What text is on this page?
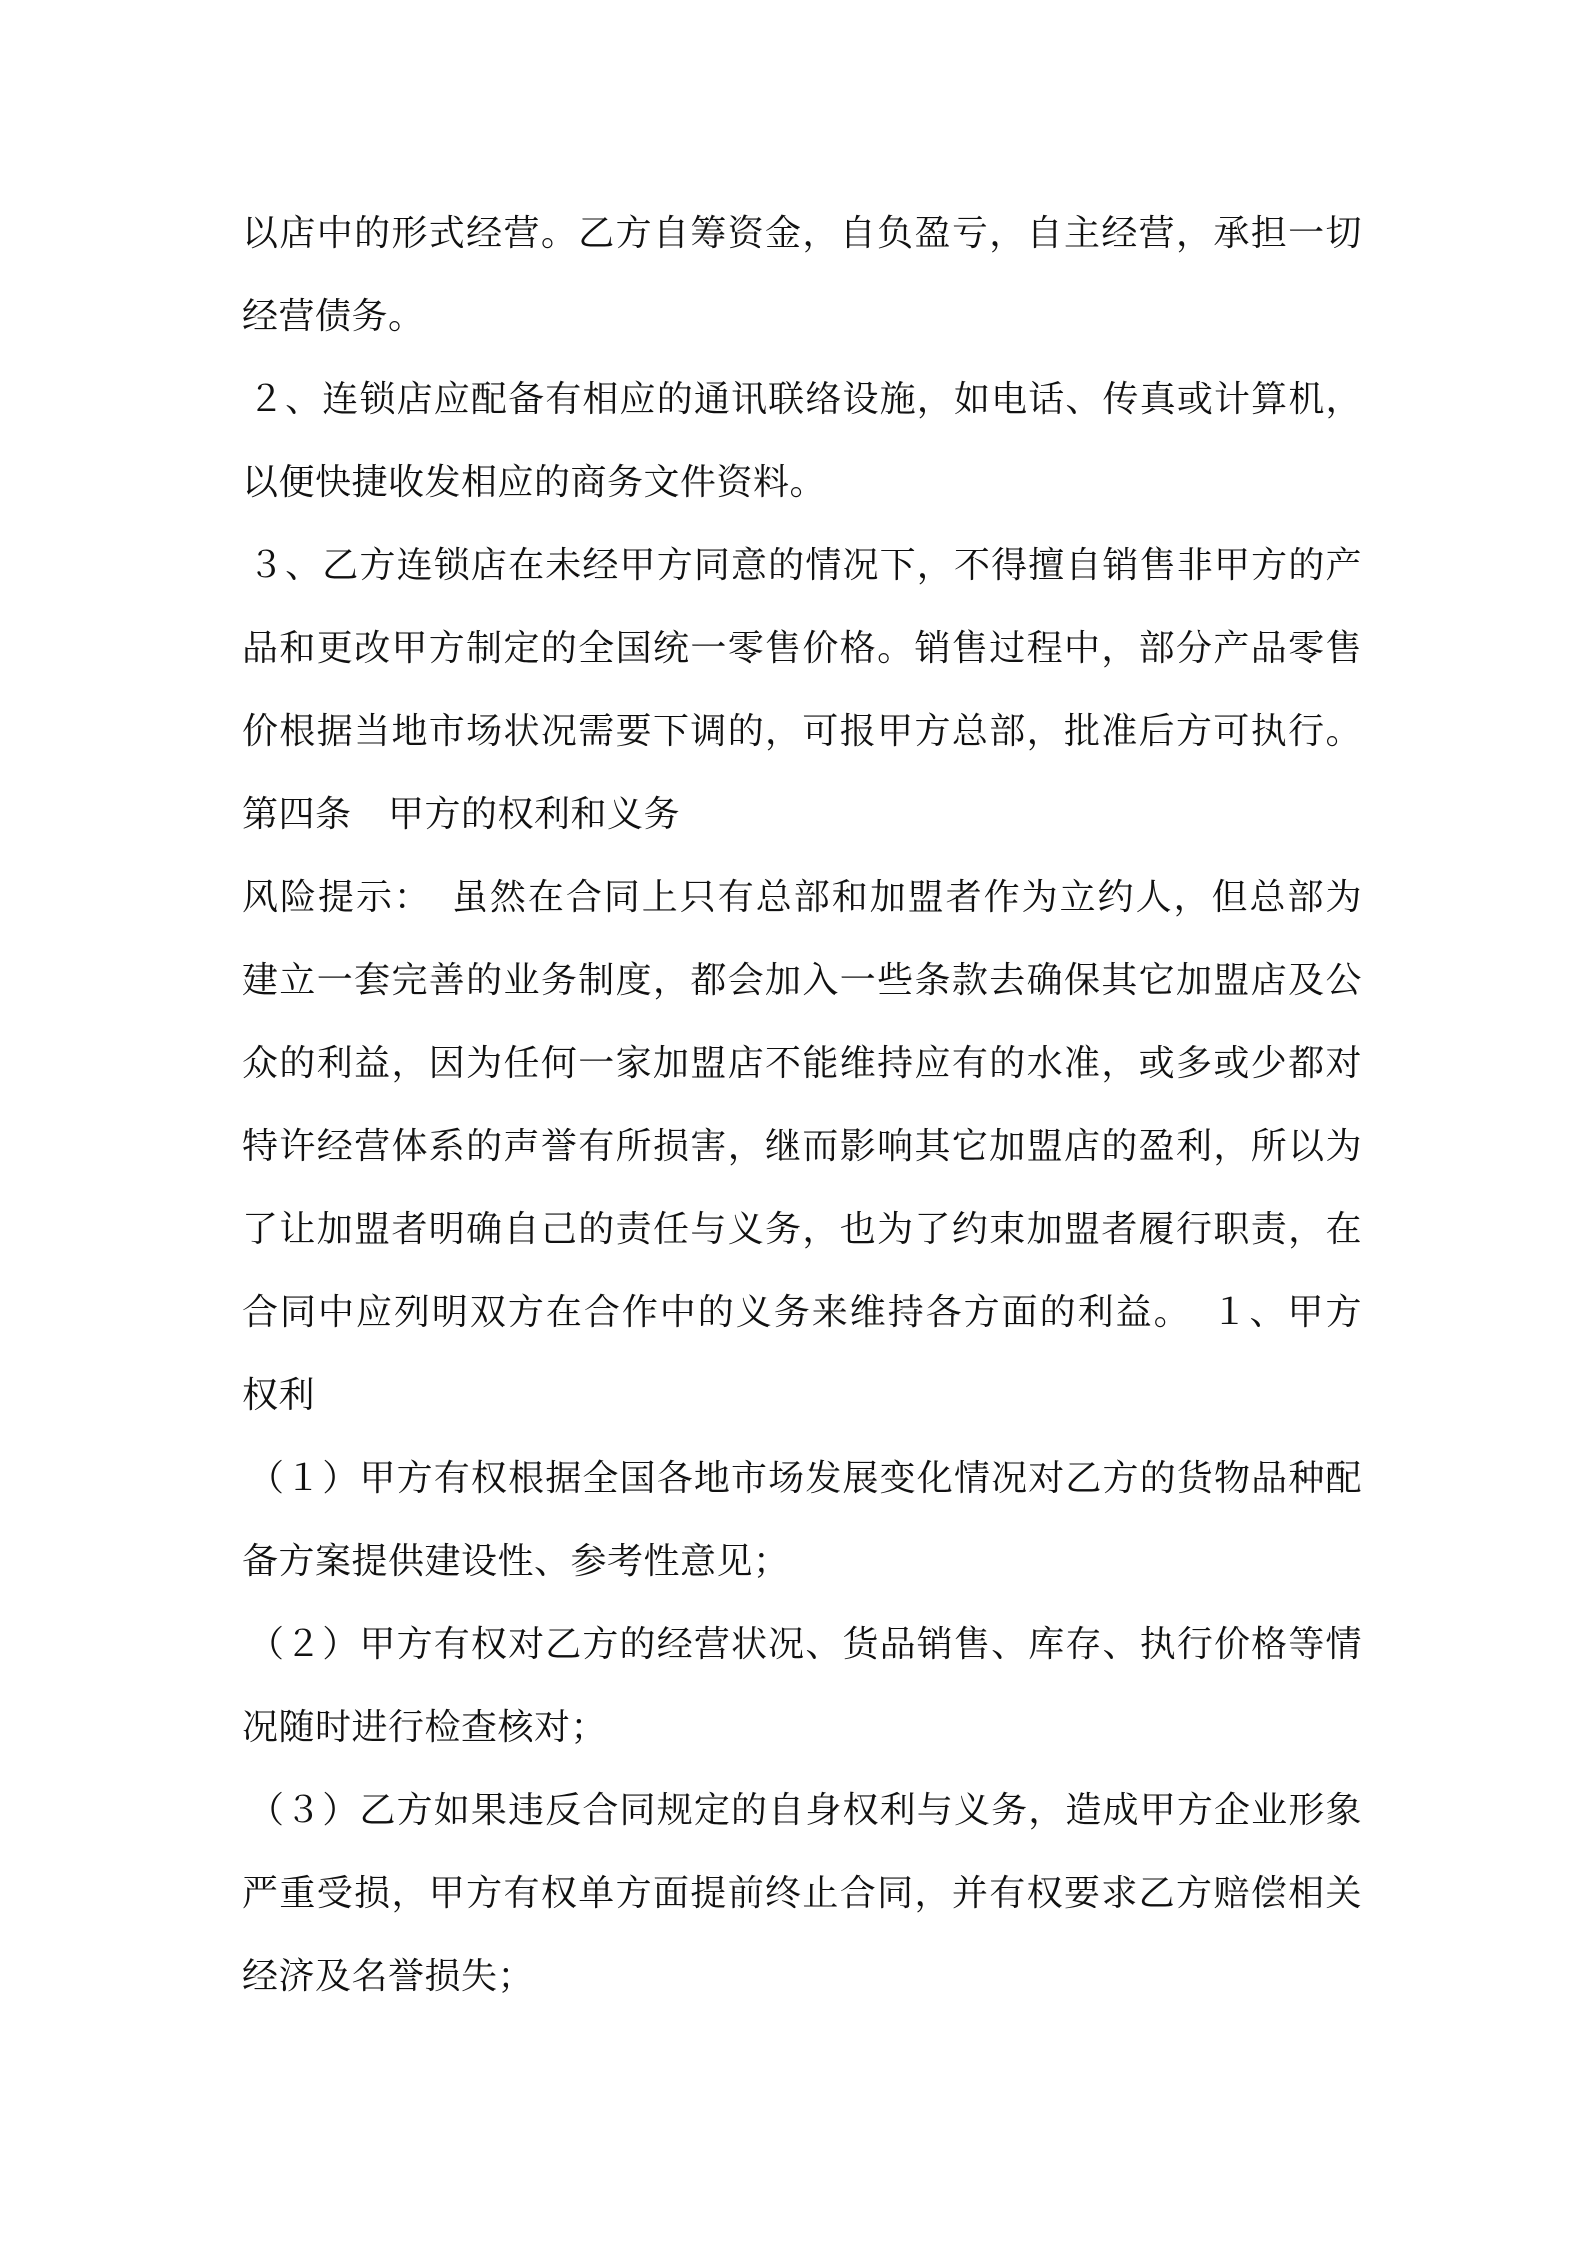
以店中的形式经营。乙方自筹资金，自负盈亏，自主经营，承担一切
经营债务。
２、连锁店应配备有相应的通讯联络设施，如电话、传真或计算机，
以便快捷收发相应的商务文件资料。
３、乙方连锁店在未经甲方同意的情况下，不得擅自销售非甲方的产
品和更改甲方制定的全国统一零售价格。销售过程中，部分产品零售
价根据当地市场状况需要下调的，可报甲方总部，批准后方可执行。
第四条　甲方的权利和义务
风险提示：　虽然在合同上只有总部和加盟者作为立约人，但总部为
建立一套完善的业务制度，都会加入一些条款去确保其它加盟店及公
众的利益，因为任何一家加盟店不能维持应有的水准，或多或少都对
特许经营体系的声誉有所损害，继而影响其它加盟店的盈利，所以为
了让加盟者明确自己的责任与义务，也为了约束加盟者履行职责，在
合同中应列明双方在合作中的义务来维持各方面的利益。　１、甲方
权利
（１）甲方有权根据全国各地市场发展变化情况对乙方的货物品种配
备方案提供建设性、参考性意见；
（２）甲方有权对乙方的经营状况、货品销售、库存、执行价格等情
况随时进行检查核对；
（３）乙方如果违反合同规定的自身权利与义务，造成甲方企业形象
严重受损，甲方有权单方面提前终止合同，并有权要求乙方赔偿相关
经济及名誉损失；
